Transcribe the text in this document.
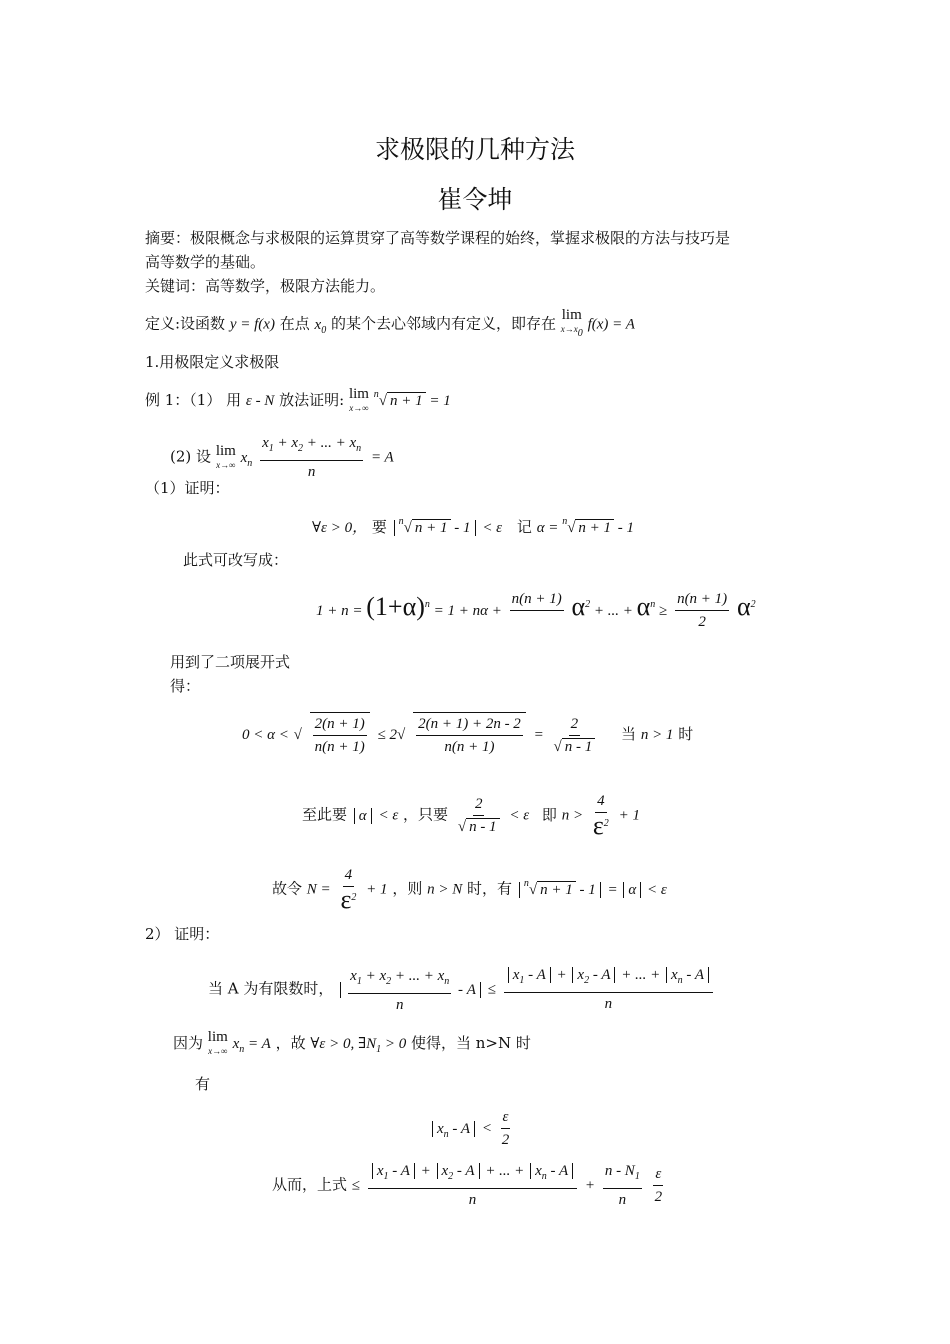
求极限的几种方法
崔令坤
摘要：极限概念与求极限的运算贯穿了高等数学课程的始终，掌握求极限的方法与技巧是
高等数学的基础。
关键词：高等数学，极限方法能力。
定义:设函数 y = f(x) 在点 $x_0$ 的某个去心邻域内有定义，即存在 lim
x→x0
f(x) = A
1.用极限定义求极限
例 1：（1） 用 ε - N 放法证明: lim
x→∞
$^n$√ n + 1 = 1
(2) 设 lim
x→∞ $x_n \frac{x_1 + x_2 + ... + x_n}{n} = A$
（1）证明：
∀ε > 0， 要 $^n$√ n + 1 - 1 < ε 记 α = $^n$√ n + 1 - 1
此式可改写成：
$1 + n = (1+\alpha)^n = 1 + n\alpha$ +
n(n + 1)
$\alpha^2$ + ... + $\alpha^n \ge \frac{n(n + 1)}{2} \alpha^2$
用到了二项展开式
得：
0 < α < √ $\frac{2(n + 1)}{n(n + 1)} \le 2√ \frac{2(n + 1) + 2n - 2}{n(n + 1)} = \frac{2}{√ n - 1}$ 当 n > 1 时
至此要 α < ε ，只要 $\frac{2}{√ n - 1} < \varepsilon$ 即 $n > \frac{4}{\varepsilon^2} + 1$
故令 $N = \frac{4}{\varepsilon^2} + 1$ ，则 n > N 时，有 $^n$√ n + 1 - 1 = α < ε
2） 证明：
当 A 为有限数时， $\frac{x_1 + x_2 + ... + x_n}{n} - A \le \frac{x_1 - A + x_2 - A + ... + x_n - A}{n}$
因为 lim
x→∞ $x_n = A$ ，故 ∀ε > 0, $\exists N_1 > 0$ 使得，当 n>N 时
有
$x_n - A < \frac{\varepsilon}{2}$
从而，上式 ≤ $\frac{x_1 - A + x_2 - A + ... + x_n - A}{n} + \frac{n - N_1}{n}$
$\frac{\varepsilon}{2}$
